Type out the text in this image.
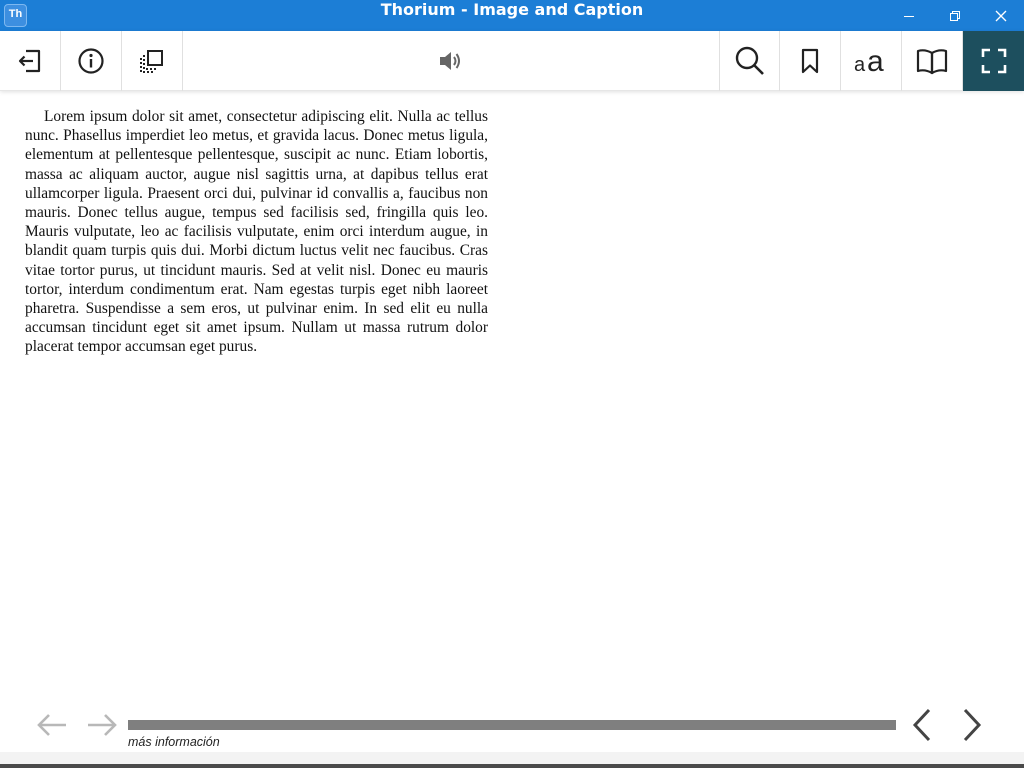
Th	Thorium - Image and Caption
a a

Lorem ipsum dolor sit amet, consectetur adipiscing elit. Nulla ac tellus nunc. Phasellus imperdiet leo metus, et gravida lacus. Donec metus ligula, elementum at pellentesque pellentesque, suscipit ac nunc. Etiam lobortis, massa ac aliquam auctor, augue nisl sagittis urna, at dapibus tellus erat ullamcorper ligula. Praesent orci dui, pulvinar id convallis a, faucibus non mauris. Donec tellus augue, tempus sed facilisis sed, fringilla quis leo. Mauris vulputate, leo ac facilisis vulputate, enim orci interdum augue, in blandit quam turpis quis dui. Morbi dictum luctus velit nec faucibus. Cras vitae tortor purus, ut tincidunt mauris. Sed at velit nisl. Donec eu mauris tortor, interdum condimentum erat. Nam egestas turpis eget nibh laoreet pharetra. Suspendisse a sem eros, ut pulvinar enim. In sed elit eu nulla accumsan tincidunt eget sit amet ipsum. Nullam ut massa rutrum dolor placerat tempor accumsan eget purus.

más información
